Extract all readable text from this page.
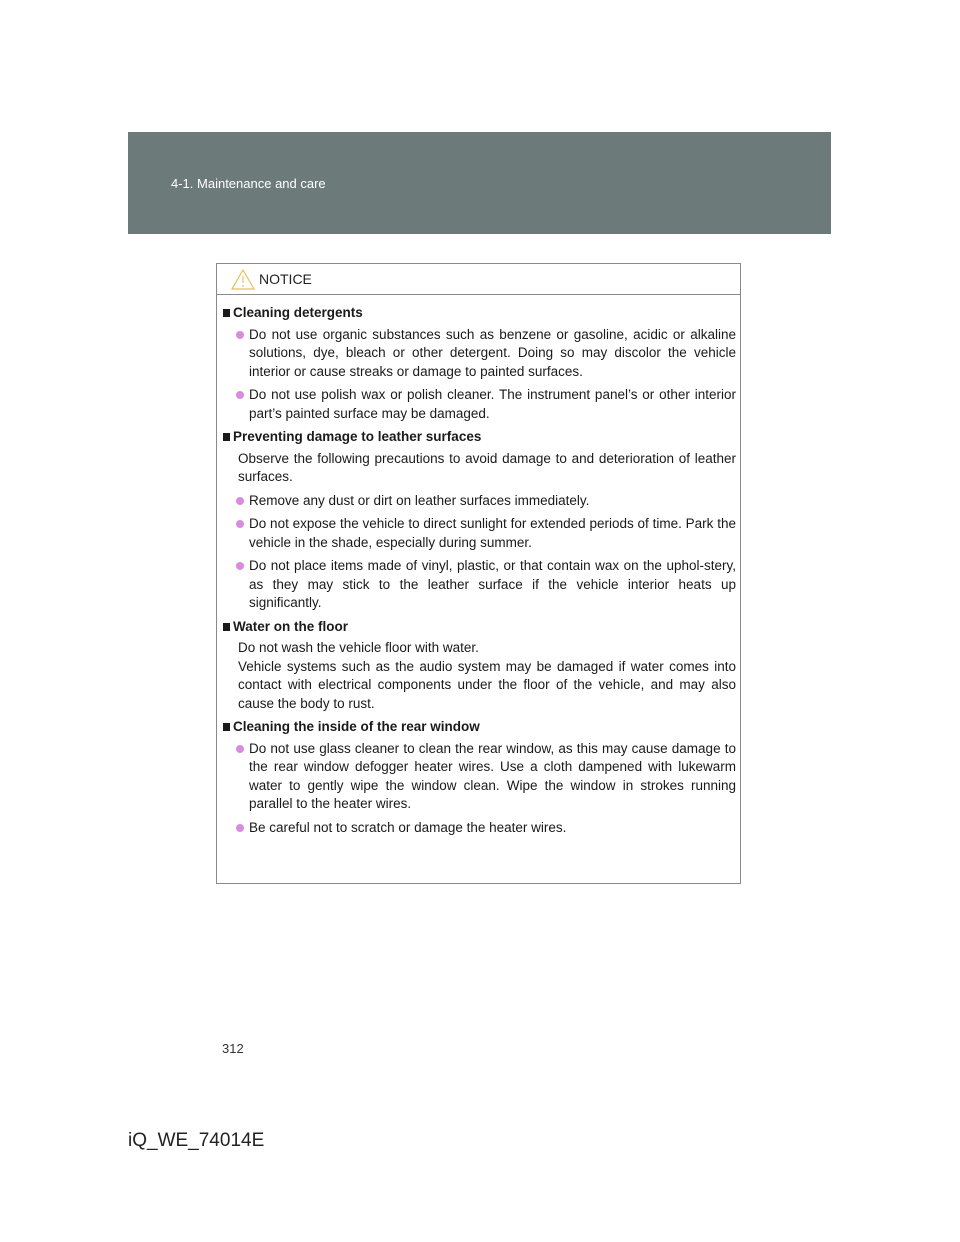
4-1. Maintenance and care
NOTICE
Cleaning detergents
Do not use organic substances such as benzene or gasoline, acidic or alkaline solutions, dye, bleach or other detergent. Doing so may discolor the vehicle interior or cause streaks or damage to painted surfaces.
Do not use polish wax or polish cleaner. The instrument panel’s or other interior part’s painted surface may be damaged.
Preventing damage to leather surfaces
Observe the following precautions to avoid damage to and deterioration of leather surfaces.
Remove any dust or dirt on leather surfaces immediately.
Do not expose the vehicle to direct sunlight for extended periods of time. Park the vehicle in the shade, especially during summer.
Do not place items made of vinyl, plastic, or that contain wax on the uphol-stery, as they may stick to the leather surface if the vehicle interior heats up significantly.
Water on the floor
Do not wash the vehicle floor with water.
Vehicle systems such as the audio system may be damaged if water comes into contact with electrical components under the floor of the vehicle, and may also cause the body to rust.
Cleaning the inside of the rear window
Do not use glass cleaner to clean the rear window, as this may cause damage to the rear window defogger heater wires. Use a cloth dampened with lukewarm water to gently wipe the window clean. Wipe the window in strokes running parallel to the heater wires.
Be careful not to scratch or damage the heater wires.
312
iQ_WE_74014E
